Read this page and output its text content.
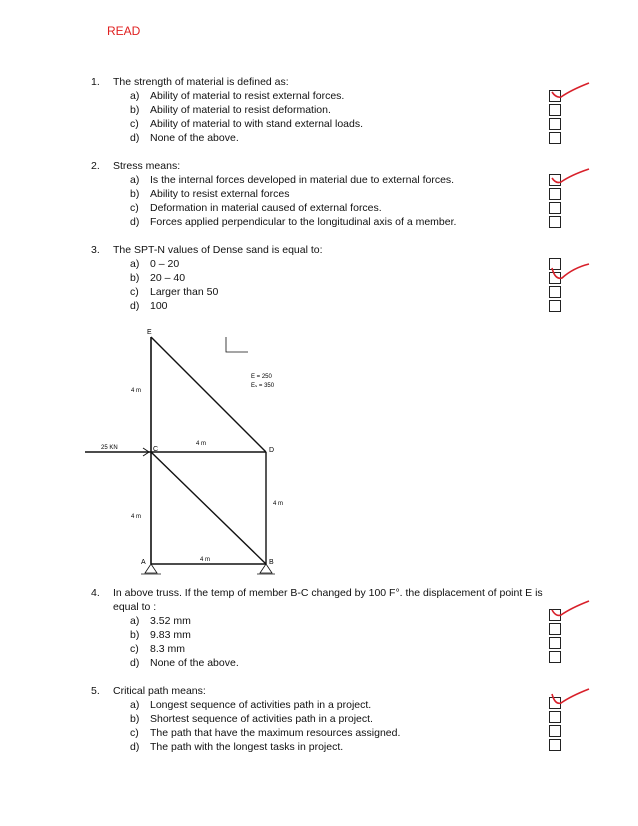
READ
1. The strength of material is defined as:
a) Ability of material to resist external forces.
b) Ability of material to resist deformation.
c) Ability of material to with stand external loads.
d) None of the above.
2. Stress means:
a) Is the internal forces developed in material due to external forces.
b) Ability to resist external forces
c) Deformation in material caused of external forces.
d) Forces applied perpendicular to the longitudinal axis of a member.
3. The SPT-N values of Dense sand is equal to:
a) 0 – 20
b) 20 – 40
c) Larger than 50
d) 100
E
C	D
A	B
4 m
4 m
4 m
4 m
4 m
25 KN
E = 250
Eₛ = 350
4.	In above truss. If the temp of member B-C changed by 100 F°. the displacement of point E is equal to :
a) 3.52 mm
b) 9.83 mm
c) 8.3 mm
d) None of the above.
5. Critical path means:
a) Longest sequence of activities path in a project.
b) Shortest sequence of activities path in a project.
c) The path that have the maximum resources assigned.
d) The path with the longest tasks in project.
